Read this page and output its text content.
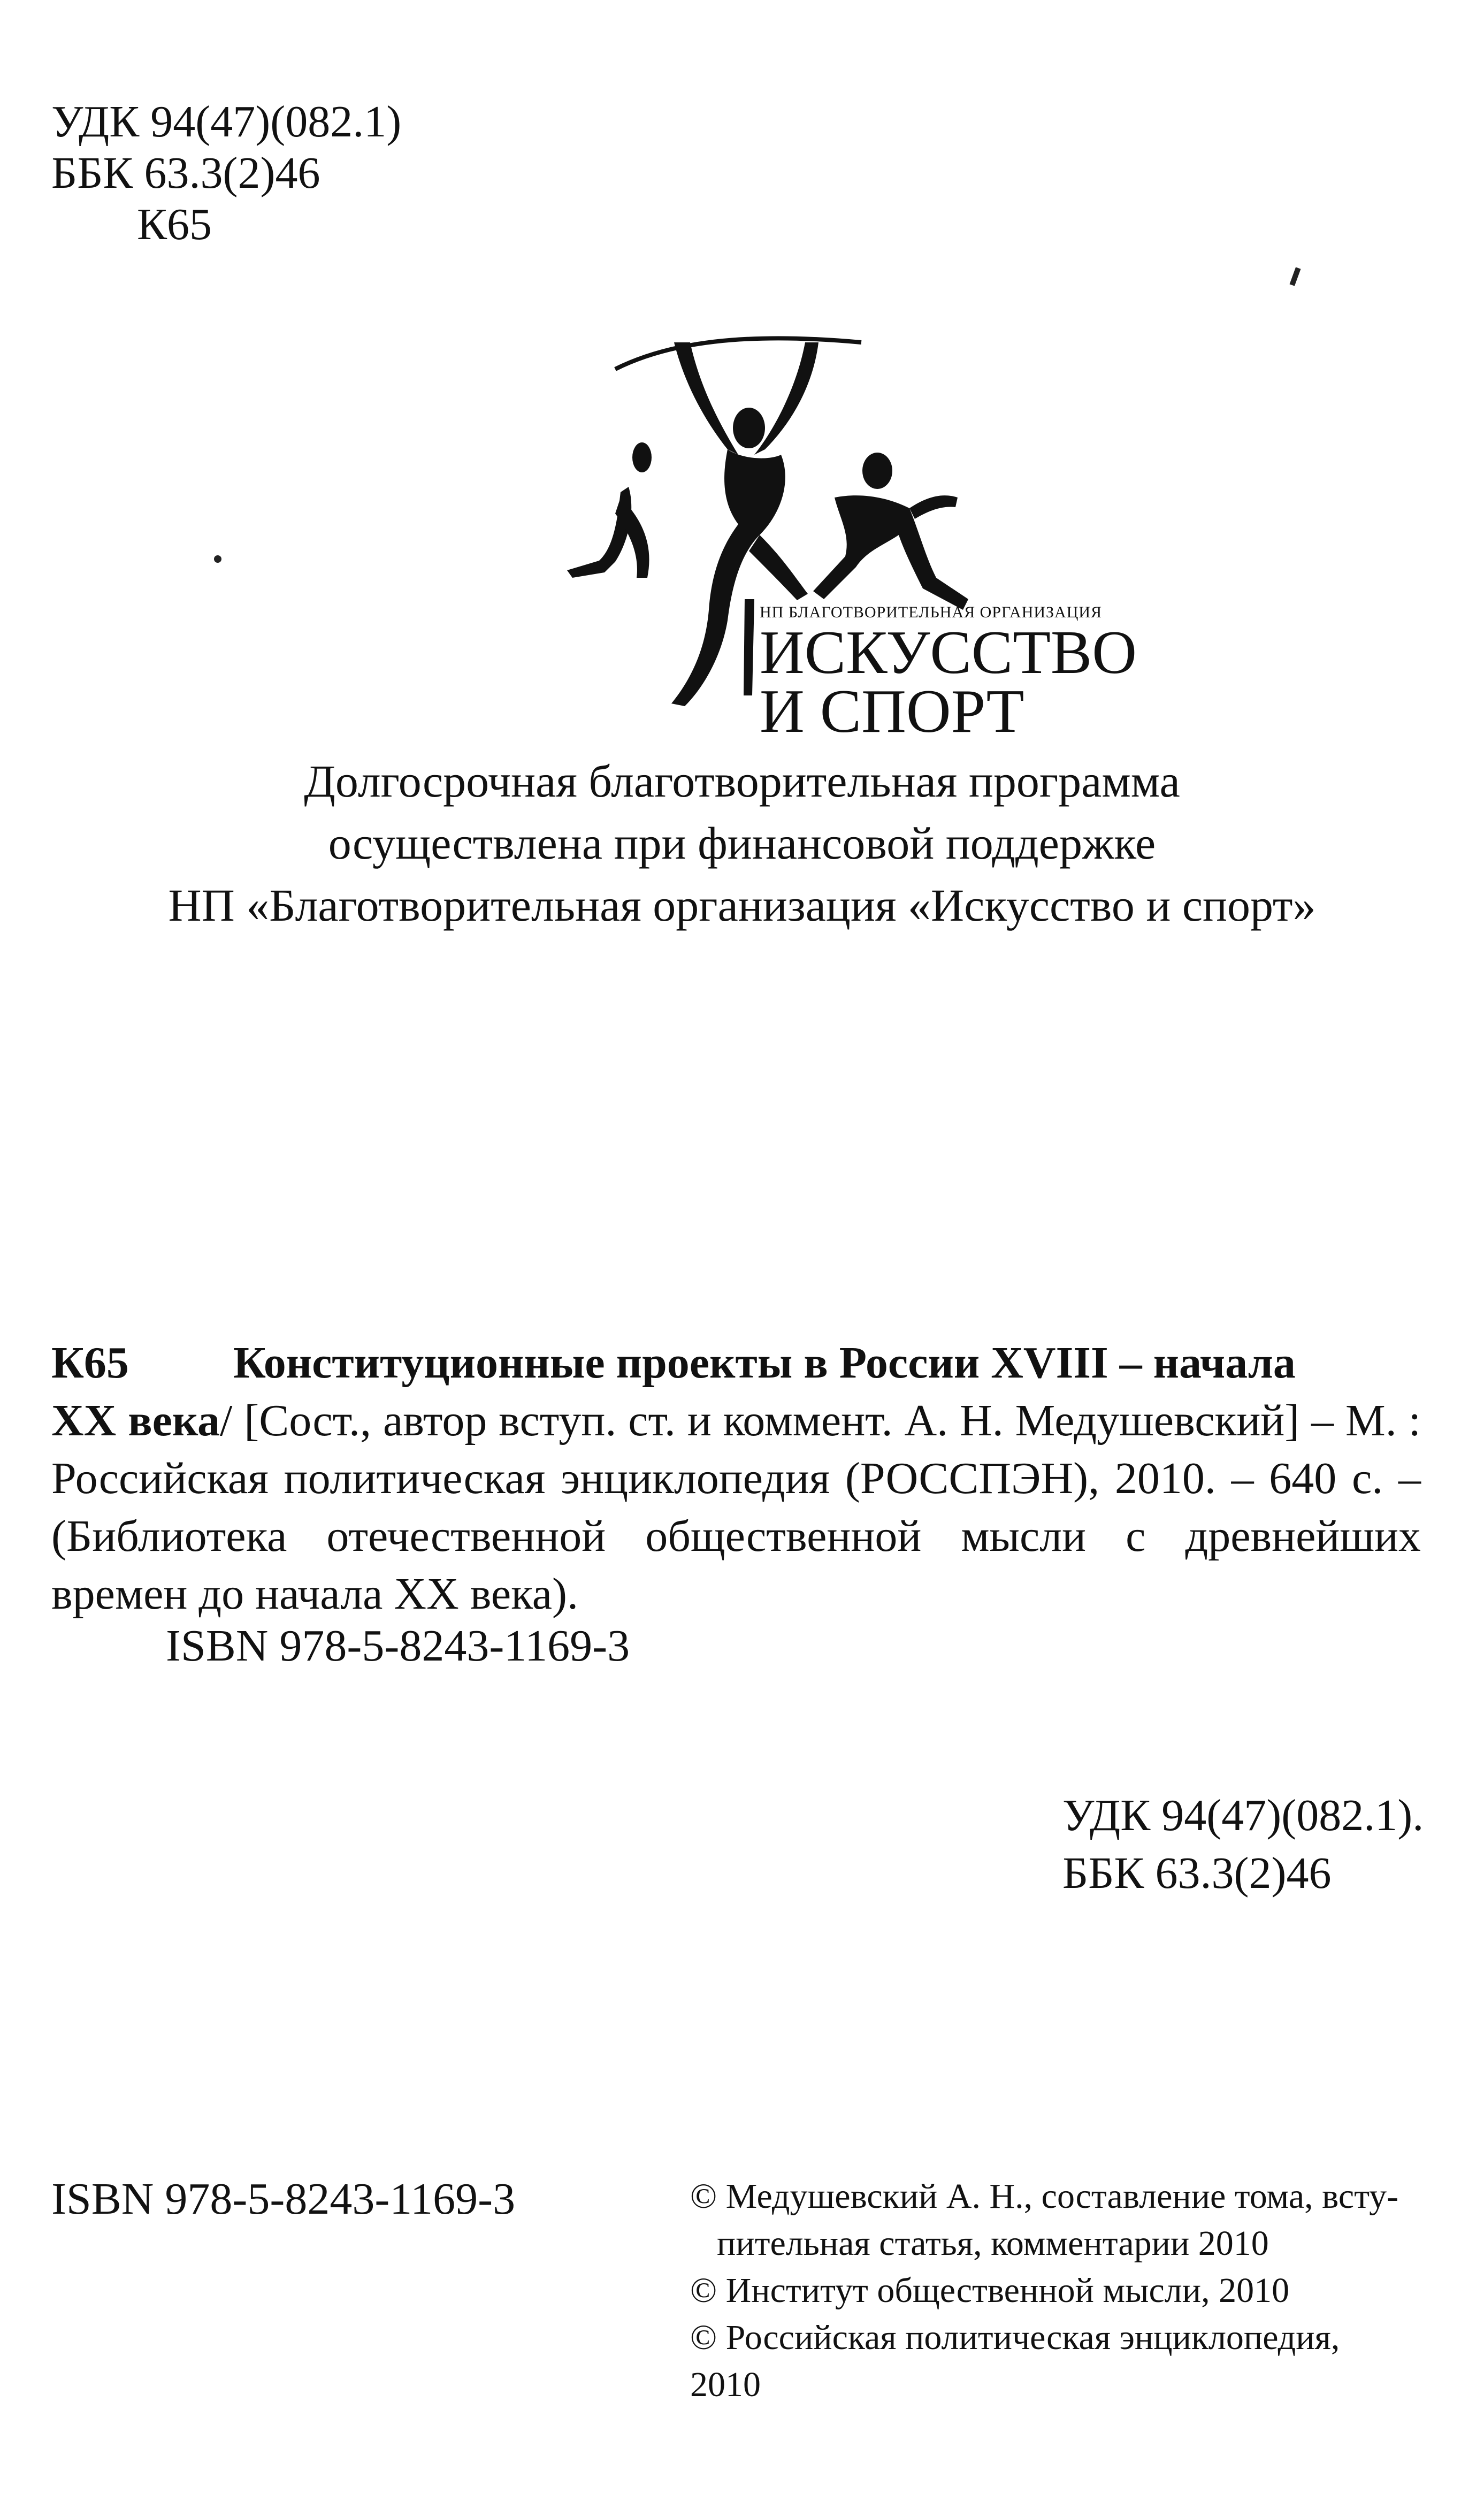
УДК 94(47)(082.1)
ББК 63.3(2)46
К65
НП БЛАГОТВОРИТЕЛЬНАЯ ОРГАНИЗАЦИЯ
ИСКУССТВО
И СПОРТ
Долгосрочная благотворительная программа
осуществлена при финансовой поддержке
НП «Благотворительная организация «Искусство и спорт»
К65 Конституционные проекты в России XVIII – начала
XX века/ [Сост., автор вступ. ст. и коммент. А. Н. Медушевский] – М. : Российская политическая энциклопедия (РОССПЭН), 2010. – 640 с. – (Библиотека отечественной общественной мысли с древнейших времен до начала XX века).
ISBN 978-5-8243-1169-3
УДК 94(47)(082.1).
ББК 63.3(2)46
ISBN 978-5-8243-1169-3	© Медушевский А. Н., составление тома, всту-
пительная статья, комментарии 2010
© Институт общественной мысли, 2010
© Российская политическая энциклопедия, 2010
